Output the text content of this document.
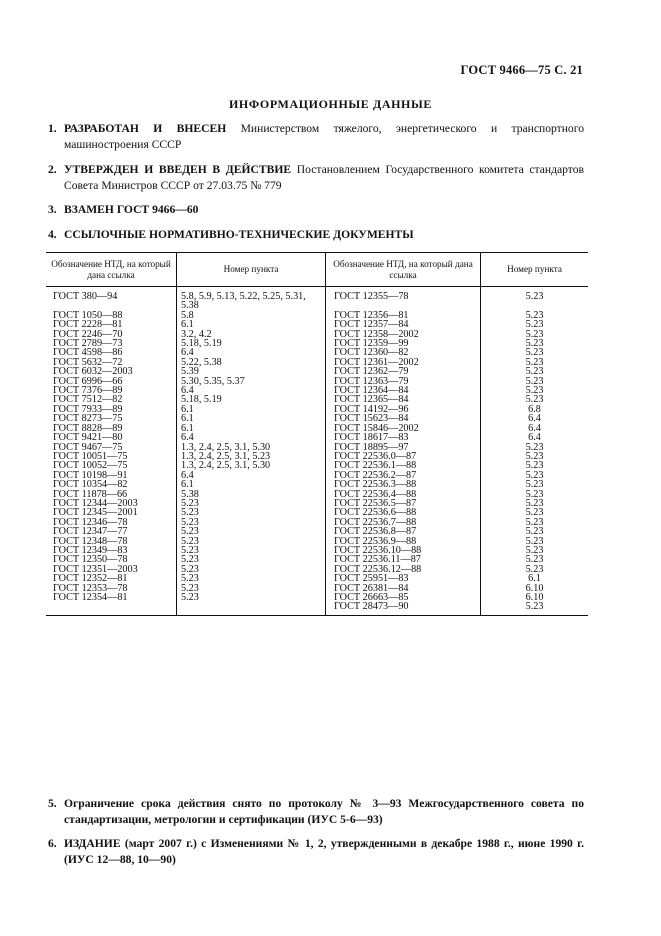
ГОСТ 9466—75 С. 21
ИНФОРМАЦИОННЫЕ ДАННЫЕ
1. РАЗРАБОТАН И ВНЕСЕН Министерством тяжелого, энергетического и транспортного машиностроения СССР
2. УТВЕРЖДЕН И ВВЕДЕН В ДЕЙСТВИЕ Постановлением Государственного комитета стандартов Совета Министров СССР от 27.03.75 № 779
3. ВЗАМЕН ГОСТ 9466—60
4. ССЫЛОЧНЫЕ НОРМАТИВНО-ТЕХНИЧЕСКИЕ ДОКУМЕНТЫ
Обозначение НТД, на который дана ссылка	Номер пункта	Обозначение НТД, на который дана ссылка	Номер пункта
ГОСТ 380—94	5.8, 5.9, 5.13, 5.22, 5.25, 5.31, 5.38	ГОСТ 12355—78	5.23
ГОСТ 1050—88	5.8	ГОСТ 12356—81	5.23
ГОСТ 2228—81	6.1	ГОСТ 12357—84	5.23
ГОСТ 2246—70	3.2, 4.2	ГОСТ 12358—2002	5.23
ГОСТ 2789—73	5.18, 5.19	ГОСТ 12359—99	5.23
ГОСТ 4598—86	6.4	ГОСТ 12360—82	5.23
ГОСТ 5632—72	5.22, 5.38	ГОСТ 12361—2002	5.23
ГОСТ 6032—2003	5.39	ГОСТ 12362—79	5.23
ГОСТ 6996—66	5.30, 5.35, 5.37	ГОСТ 12363—79	5.23
ГОСТ 7376—89	6.4	ГОСТ 12364—84	5.23
ГОСТ 7512—82	5.18, 5.19	ГОСТ 12365—84	5.23
ГОСТ 7933—89	6.1	ГОСТ 14192—96	6.8
ГОСТ 8273—75	6.1	ГОСТ 15623—84	6.4
ГОСТ 8828—89	6.1	ГОСТ 15846—2002	6.4
ГОСТ 9421—80	6.4	ГОСТ 18617—83	6.4
ГОСТ 9467—75	1.3, 2.4, 2.5, 3.1, 5.30	ГОСТ 18895—97	5.23
ГОСТ 10051—75	1.3, 2.4, 2.5, 3.1, 5.23	ГОСТ 22536.0—87	5.23
ГОСТ 10052—75	1.3, 2.4, 2.5, 3.1, 5.30	ГОСТ 22536.1—88	5.23
ГОСТ 10198—91	6.4	ГОСТ 22536.2—87	5.23
ГОСТ 10354—82	6.1	ГОСТ 22536.3—88	5.23
ГОСТ 11878—66	5.38	ГОСТ 22536.4—88	5.23
ГОСТ 12344—2003	5.23	ГОСТ 22536.5—87	5.23
ГОСТ 12345—2001	5.23	ГОСТ 22536.6—88	5.23
ГОСТ 12346—78	5.23	ГОСТ 22536.7—88	5.23
ГОСТ 12347—77	5.23	ГОСТ 22536.8—87	5.23
ГОСТ 12348—78	5.23	ГОСТ 22536.9—88	5.23
ГОСТ 12349—83	5.23	ГОСТ 22536.10—88	5.23
ГОСТ 12350—78	5.23	ГОСТ 22536.11—87	5.23
ГОСТ 12351—2003	5.23	ГОСТ 22536.12—88	5.23
ГОСТ 12352—81	5.23	ГОСТ 25951—83	6.1
ГОСТ 12353—78	5.23	ГОСТ 26381—84	6.10
ГОСТ 12354—81	5.23	ГОСТ 26663—85	6.10
		ГОСТ 28473—90	5.23
5. Ограничение срока действия снято по протоколу № 3—93 Межгосударственного совета по стандартизации, метрологии и сертификации (ИУС 5-6—93)
6. ИЗДАНИЕ (март 2007 г.) с Изменениями № 1, 2, утвержденными в декабре 1988 г., июне 1990 г. (ИУС 12—88, 10—90)
